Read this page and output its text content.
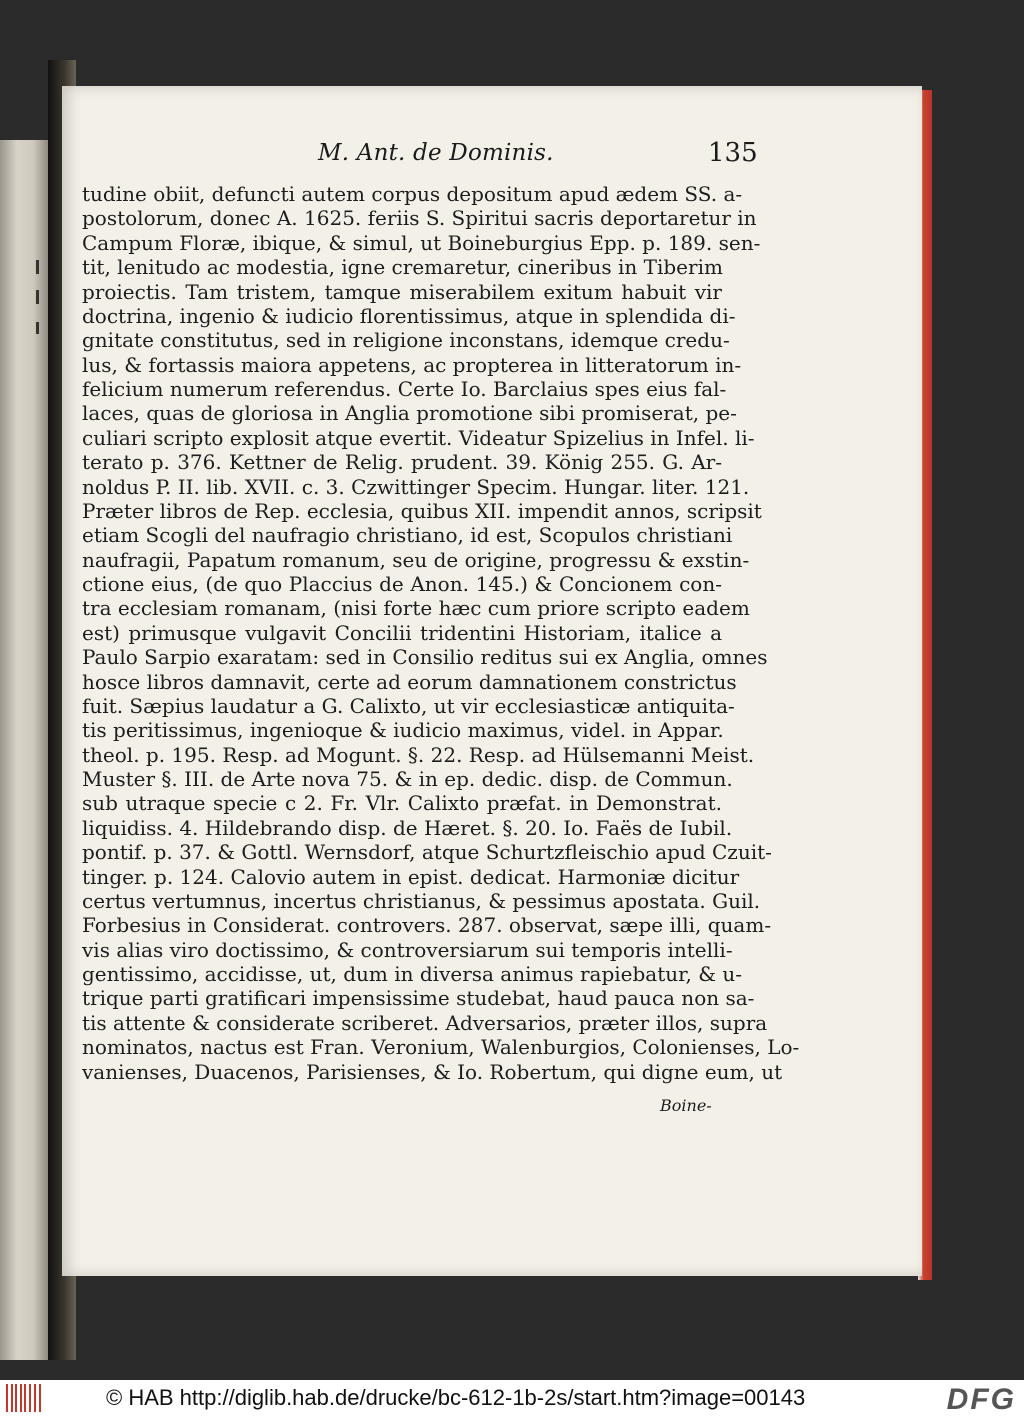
M. Ant. de Dominis.	135
tudine obiit, defuncti autem corpus depositum apud ædem SS. a-
postolorum, donec A. 1625. feriis S. Spiritui sacris deportaretur in
Campum Floræ, ibique, & simul, ut Boineburgius Epp. p. 189. sen-
tit, lenitudo ac modestia, igne cremaretur, cineribus in Tiberim
proiectis. Tam tristem, tamque miserabilem exitum habuit vir
doctrina, ingenio & iudicio florentissimus, atque in splendida di-
gnitate constitutus, sed in religione inconstans, idemque credu-
lus, & fortassis maiora appetens, ac propterea in litteratorum in-
felicium numerum referendus. Certe Io. Barclaius spes eius fal-
laces, quas de gloriosa in Anglia promotione sibi promiserat, pe-
culiari scripto explosit atque evertit. Videatur Spizelius in Infel. li-
terato p. 376. Kettner de Relig. prudent. 39. König 255. G. Ar-
noldus P. II. lib. XVII. c. 3. Czwittinger Specim. Hungar. liter. 121.
Præter libros de Rep. ecclesia, quibus XII. impendit annos, scripsit
etiam Scogli del naufragio christiano, id est, Scopulos christiani
naufragii, Papatum romanum, seu de origine, progressu & exstin-
ctione eius, (de quo Placcius de Anon. 145.) & Concionem con-
tra ecclesiam romanam, (nisi forte hæc cum priore scripto eadem
est) primusque vulgavit Concilii tridentini Historiam, italice a
Paulo Sarpio exaratam: sed in Consilio reditus sui ex Anglia, omnes
hosce libros damnavit, certe ad eorum damnationem constrictus
fuit. Sæpius laudatur a G. Calixto, ut vir ecclesiasticæ antiquita-
tis peritissimus, ingenioque & iudicio maximus, videl. in Appar.
theol. p. 195. Resp. ad Mogunt. §. 22. Resp. ad Hülsemanni Meist.
Muster §. III. de Arte nova 75. & in ep. dedic. disp. de Commun.
sub utraque specie c 2. Fr. Vlr. Calixto præfat. in Demonstrat.
liquidiss. 4. Hildebrando disp. de Hæret. §. 20. Io. Faës de Iubil.
pontif. p. 37. & Gottl. Wernsdorf, atque Schurtzfleischio apud Czuit-
tinger. p. 124. Calovio autem in epist. dedicat. Harmoniæ dicitur
certus vertumnus, incertus christianus, & pessimus apostata. Guil.
Forbesius in Considerat. controvers. 287. observat, sæpe illi, quam-
vis alias viro doctissimo, & controversiarum sui temporis intelli-
gentissimo, accidisse, ut, dum in diversa animus rapiebatur, & u-
trique parti gratificari impensissime studebat, haud pauca non sa-
tis attente & considerate scriberet. Adversarios, præter illos, supra
nominatos, nactus est Fran. Veronium, Walenburgios, Colonienses, Lo-
vanienses, Duacenos, Parisienses, & Io. Robertum, qui digne eum, ut
Boine-
© HAB http://diglib.hab.de/drucke/bc-612-1b-2s/start.htm?image=00143	DFG
